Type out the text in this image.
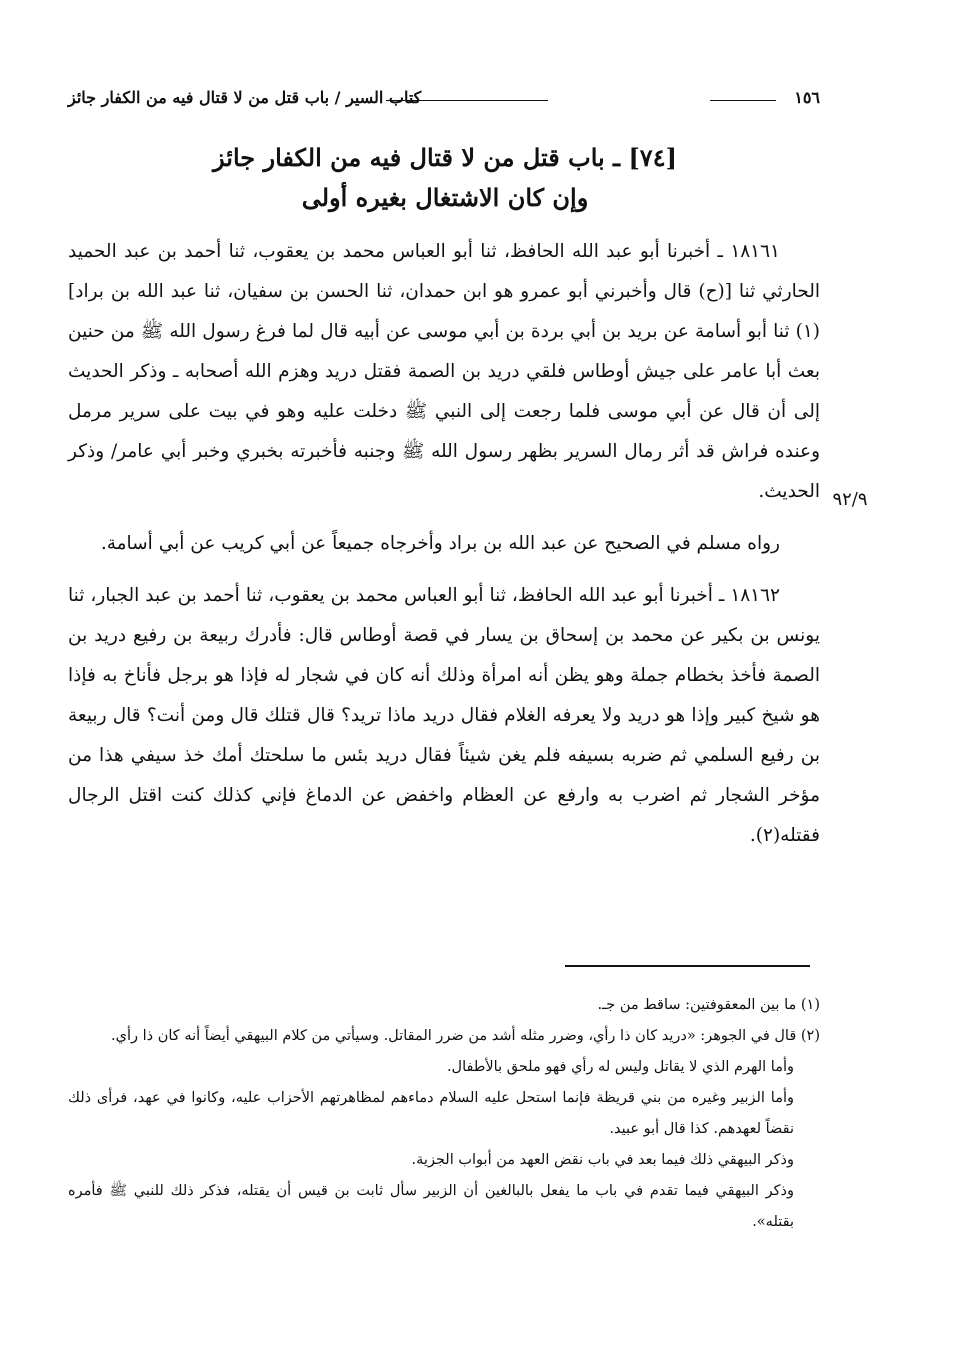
١٥٦
كتاب السير / باب قتل من لا قتال فيه من الكفار جائز
[٧٤] ـ باب قتل من لا قتال فيه من الكفار جائز
وإن كان الاشتغال بغيره أولى

١٨١٦١ ـ أخبرنا أبو عبد الله الحافظ، ثنا أبو العباس محمد بن يعقوب، ثنا أحمد بن عبد الحميد الحارثي ثنا [(ح) قال وأخبرني أبو عمرو هو ابن حمدان، ثنا الحسن بن سفيان، ثنا عبد الله بن براد](١) ثنا أبو أسامة عن بريد بن أبي بردة بن أبي موسى عن أبيه قال لما فرغ رسول الله ﷺ من حنين بعث أبا عامر على جيش أوطاس فلقي دريد بن الصمة فقتل دريد وهزم الله أصحابه ـ وذكر الحديث إلى أن قال عن أبي موسى فلما رجعت إلى النبي ﷺ دخلت عليه وهو في بيت على سرير مرمل وعنده فراش قد أثر رمال السرير بظهر رسول الله ﷺ وجنبه فأخبرته بخبري وخبر أبي عامر/ وذكر الحديث.

رواه مسلم في الصحيح عن عبد الله بن براد وأخرجاه جميعاً عن أبي كريب عن أبي أسامة.

١٨١٦٢ ـ أخبرنا أبو عبد الله الحافظ، ثنا أبو العباس محمد بن يعقوب، ثنا أحمد بن عبد الجبار، ثنا يونس بن بكير عن محمد بن إسحاق بن يسار في قصة أوطاس قال: فأدرك ربيعة بن رفيع دريد بن الصمة فأخذ بخطام جملة وهو يظن أنه امرأة وذلك أنه كان في شجار له فإذا هو برجل فأناخ به فإذا هو شيخ كبير وإذا هو دريد ولا يعرفه الغلام فقال دريد ماذا تريد؟ قال قتلك قال ومن أنت؟ قال ربيعة بن رفيع السلمي ثم ضربه بسيفه فلم يغن شيئاً فقال دريد بئس ما سلحتك أمك خذ سيفي هذا من مؤخر الشجار ثم اضرب به وارفع عن العظام واخفض عن الدماغ فإني كذلك كنت اقتل الرجال فقتله(٢).

٩٢/٩

(١) ما بين المعقوفتين: ساقط من جـ.

(٢) قال في الجوهر: «دريد كان ذا رأي، وضرر مثله أشد من ضرر المقاتل. وسيأتي من كلام البيهقي أيضاً أنه كان ذا رأي.

وأما الهرم الذي لا يقاتل وليس له رأي فهو ملحق بالأطفال.

وأما الزبير وغيره من بني قريظة فإنما استحل عليه السلام دماءهم لمظاهرتهم الأحزاب عليه، وكانوا في عهد، فرأى ذلك نقضاً لعهدهم. كذا قال أبو عبيد.

وذكر البيهقي ذلك فيما بعد في باب نقض العهد من أبواب الجزية.

وذكر البيهقي فيما تقدم في باب ما يفعل بالبالغين أن الزبير سأل ثابت بن قيس أن يقتله، فذكر ذلك للنبي ﷺ فأمره بقتله».
